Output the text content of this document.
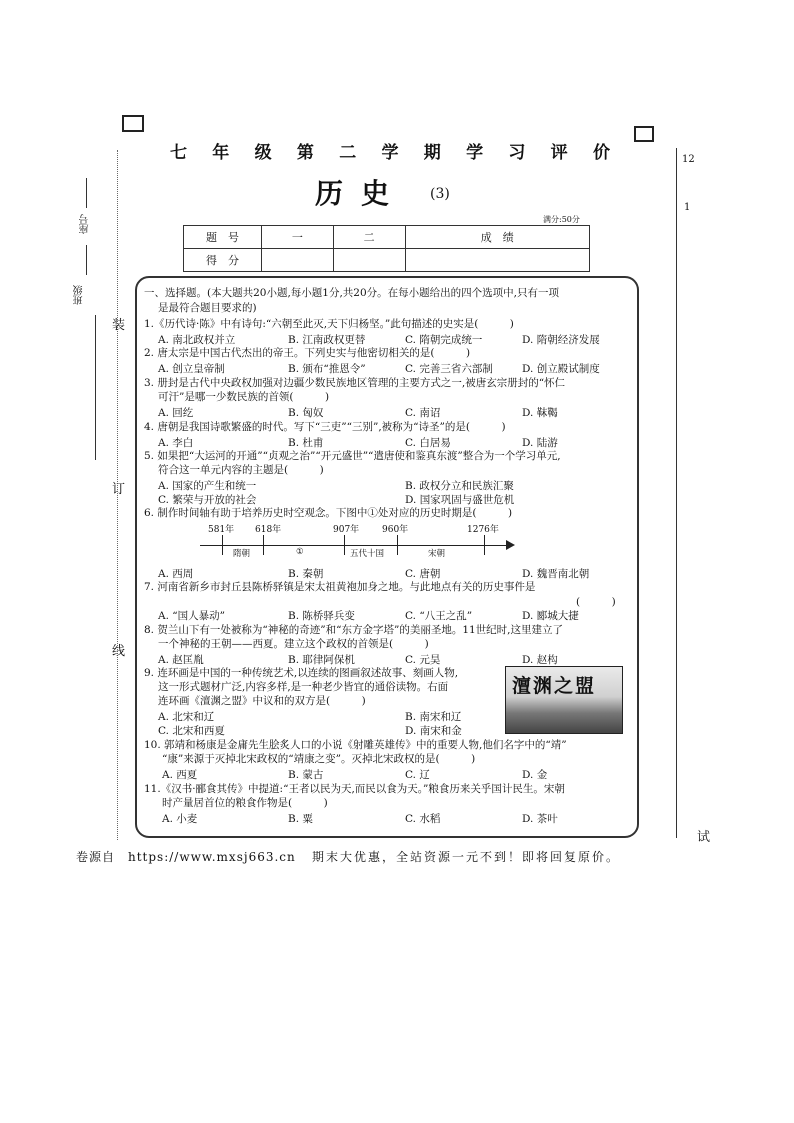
座号
班级
装
订
线
七 年 级 第 二 学 期 学 习 评 价
历史 (3)
满分:50分
题　号	一	二	成　绩
得　分			
一、选择题。(本大题共20小题,每小题1分,共20分。在每小题给出的四个选项中,只有一项
是最符合题目要求的)
1.《历代诗·陈》中有诗句:“六朝至此灭,天下归杨坚。”此句描述的史实是(　　　)
A. 南北政权并立	B. 江南政权更替	C. 隋朝完成统一	D. 隋朝经济发展
2. 唐太宗是中国古代杰出的帝王。下列史实与他密切相关的是(　　　)
A. 创立皇帝制	B. 颁布“推恩令”	C. 完善三省六部制	D. 创立殿试制度
3. 册封是古代中央政权加强对边疆少数民族地区管理的主要方式之一,被唐玄宗册封的“怀仁
可汗”是哪一少数民族的首领(　　　)
A. 回纥	B. 匈奴	C. 南诏	D. 靺鞨
4. 唐朝是我国诗歌繁盛的时代。写下“三吏”“三别”,被称为“诗圣”的是(　　　)
A. 李白	B. 杜甫	C. 白居易	D. 陆游
5. 如果把“大运河的开通”“贞观之治”“开元盛世”“遣唐使和鉴真东渡”整合为一个学习单元,
符合这一单元内容的主题是(　　　)
A. 国家的产生和统一	B. 政权分立和民族汇聚
C. 繁荣与开放的社会	D. 国家巩固与盛世危机
6. 制作时间轴有助于培养历史时空观念。下图中①处对应的历史时期是(　　　)
581年 618年	907年	960年	1276年
隋朝	①	五代十国	宋朝
A. 西周	B. 秦朝	C. 唐朝	D. 魏晋南北朝
7. 河南省新乡市封丘县陈桥驿镇是宋太祖黄袍加身之地。与此地点有关的历史事件是
(　　　)
A. “国人暴动”	B. 陈桥驿兵变	C. “八王之乱”	D. 郾城大捷
8. 贺兰山下有一处被称为“神秘的奇迹”和“东方金字塔”的美丽圣地。11世纪时,这里建立了
一个神秘的王朝——西夏。建立这个政权的首领是(　　　)
A. 赵匡胤	B. 耶律阿保机	C. 元昊	D. 赵构
9. 连环画是中国的一种传统艺术,以连续的图画叙述故事、刻画人物,
这一形式题材广泛,内容多样,是一种老少皆宜的通俗读物。右面
连环画《澶渊之盟》中议和的双方是(　　　)
A. 北宋和辽	B. 南宋和辽
C. 北宋和西夏	D. 南宋和金
澶渊之盟
10. 郭靖和杨康是金庸先生脍炙人口的小说《射雕英雄传》中的重要人物,他们名字中的“靖”
“康”来源于灭掉北宋政权的“靖康之变”。灭掉北宋政权的是(　　　)
A. 西夏	B. 蒙古	C. 辽	D. 金
11.《汉书·郦食其传》中提道:“王者以民为天,而民以食为天。”粮食历来关乎国计民生。宋朝
时产量居首位的粮食作物是(　　　)
A. 小麦	B. 粟	C. 水稻	D. 茶叶
12
1
试
卷源自　https://www.mxsj663.cn 期末大优惠，全站资源一元不到！即将回复原价。
